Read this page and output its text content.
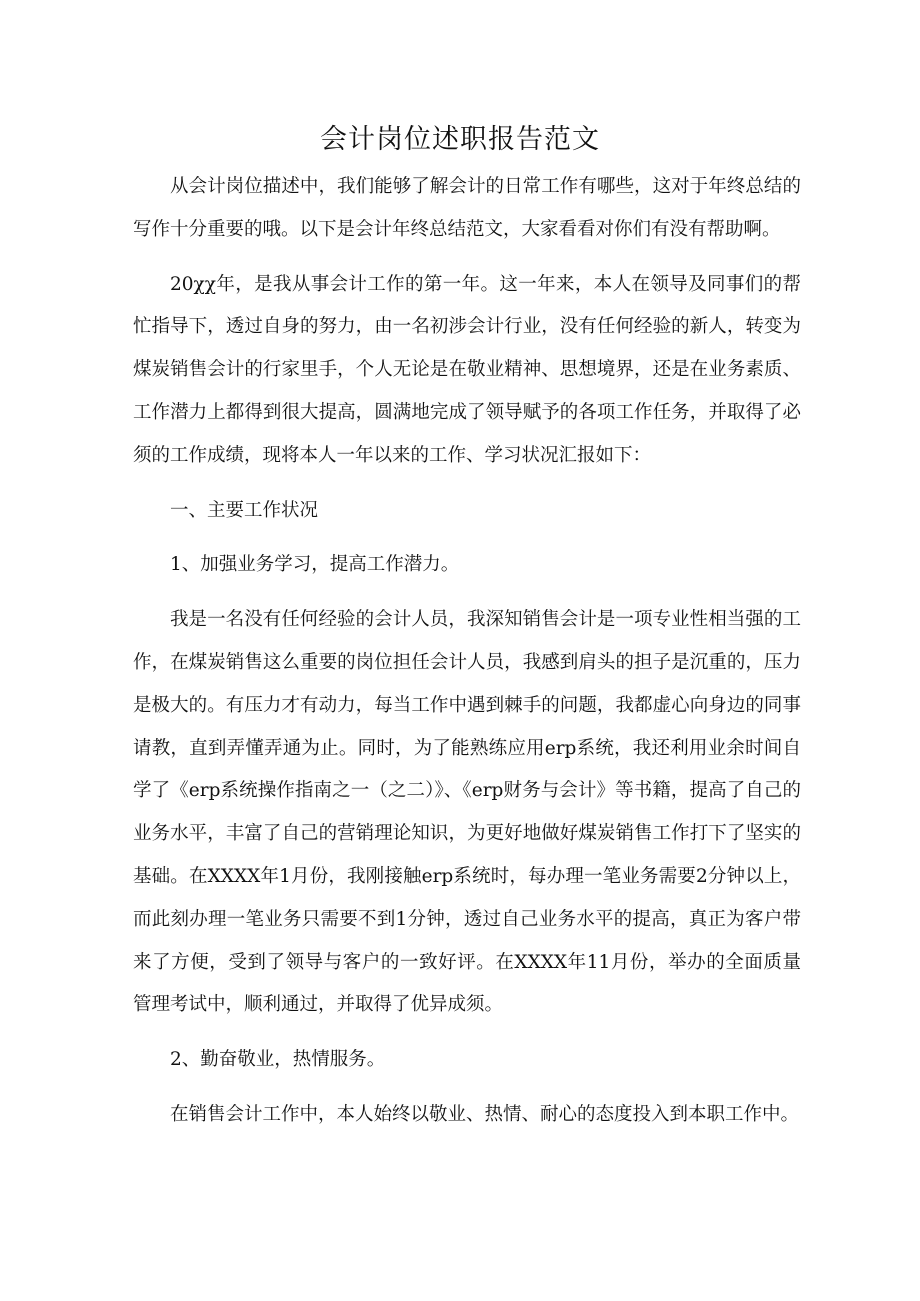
会计岗位述职报告范文

从会计岗位描述中，我们能够了解会计的日常工作有哪些，这对于年终总结的写作十分重要的哦。以下是会计年终总结范文，大家看看对你们有没有帮助啊。

20χχ年，是我从事会计工作的第一年。这一年来，本人在领导及同事们的帮忙指导下，透过自身的努力，由一名初涉会计行业，没有任何经验的新人，转变为煤炭销售会计的行家里手，个人无论是在敬业精神、思想境界，还是在业务素质、工作潜力上都得到很大提高，圆满地完成了领导赋予的各项工作任务，并取得了必须的工作成绩，现将本人一年以来的工作、学习状况汇报如下：

一、主要工作状况

1、加强业务学习，提高工作潜力。

我是一名没有任何经验的会计人员，我深知销售会计是一项专业性相当强的工作，在煤炭销售这么重要的岗位担任会计人员，我感到肩头的担子是沉重的，压力是极大的。有压力才有动力，每当工作中遇到棘手的问题，我都虚心向身边的同事请教，直到弄懂弄通为止。同时，为了能熟练应用erp系统，我还利用业余时间自学了《erp系统操作指南之一（之二）》、《erp财务与会计》等书籍，提高了自己的业务水平，丰富了自己的营销理论知识，为更好地做好煤炭销售工作打下了坚实的基础。在XXXX年1月份，我刚接触erp系统时，每办理一笔业务需要2分钟以上，而此刻办理一笔业务只需要不到1分钟，透过自己业务水平的提高，真正为客户带来了方便，受到了领导与客户的一致好评。在XXXX年11月份，举办的全面质量管理考试中，顺利通过，并取得了优异成须。

2、勤奋敬业，热情服务。

在销售会计工作中，本人始终以敬业、热情、耐心的态度投入到本职工作中。
